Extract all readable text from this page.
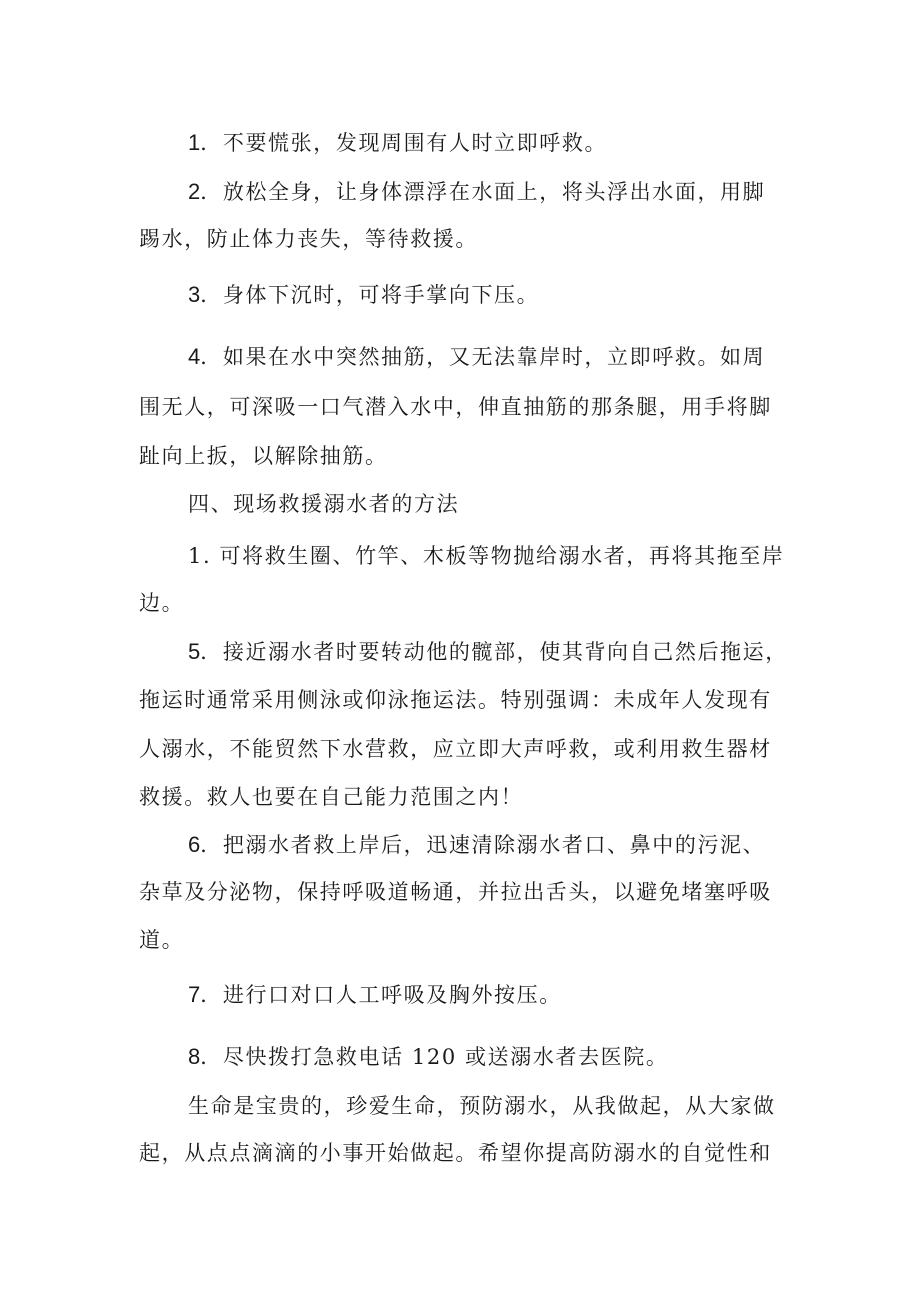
1．不要慌张，发现周围有人时立即呼救。
2．放松全身，让身体漂浮在水面上，将头浮出水面，用脚
踢水，防止体力丧失，等待救援。
3．身体下沉时，可将手掌向下压。
4．如果在水中突然抽筋，又无法靠岸时，立即呼救。如周
围无人，可深吸一口气潜入水中，伸直抽筋的那条腿，用手将脚
趾向上扳，以解除抽筋。
四、现场救援溺水者的方法
1. 可将救生圈、竹竿、木板等物抛给溺水者，再将其拖至岸
边。
5．接近溺水者时要转动他的髋部，使其背向自己然后拖运，
拖运时通常采用侧泳或仰泳拖运法。特别强调：未成年人发现有
人溺水，不能贸然下水营救，应立即大声呼救，或利用救生器材
救援。救人也要在自己能力范围之内！
6．把溺水者救上岸后，迅速清除溺水者口、鼻中的污泥、
杂草及分泌物，保持呼吸道畅通，并拉出舌头，以避免堵塞呼吸
道。
7．进行口对口人工呼吸及胸外按压。
8．尽快拨打急救电话 120 或送溺水者去医院。
生命是宝贵的，珍爱生命，预防溺水，从我做起，从大家做
起，从点点滴滴的小事开始做起。希望你提高防溺水的自觉性和
